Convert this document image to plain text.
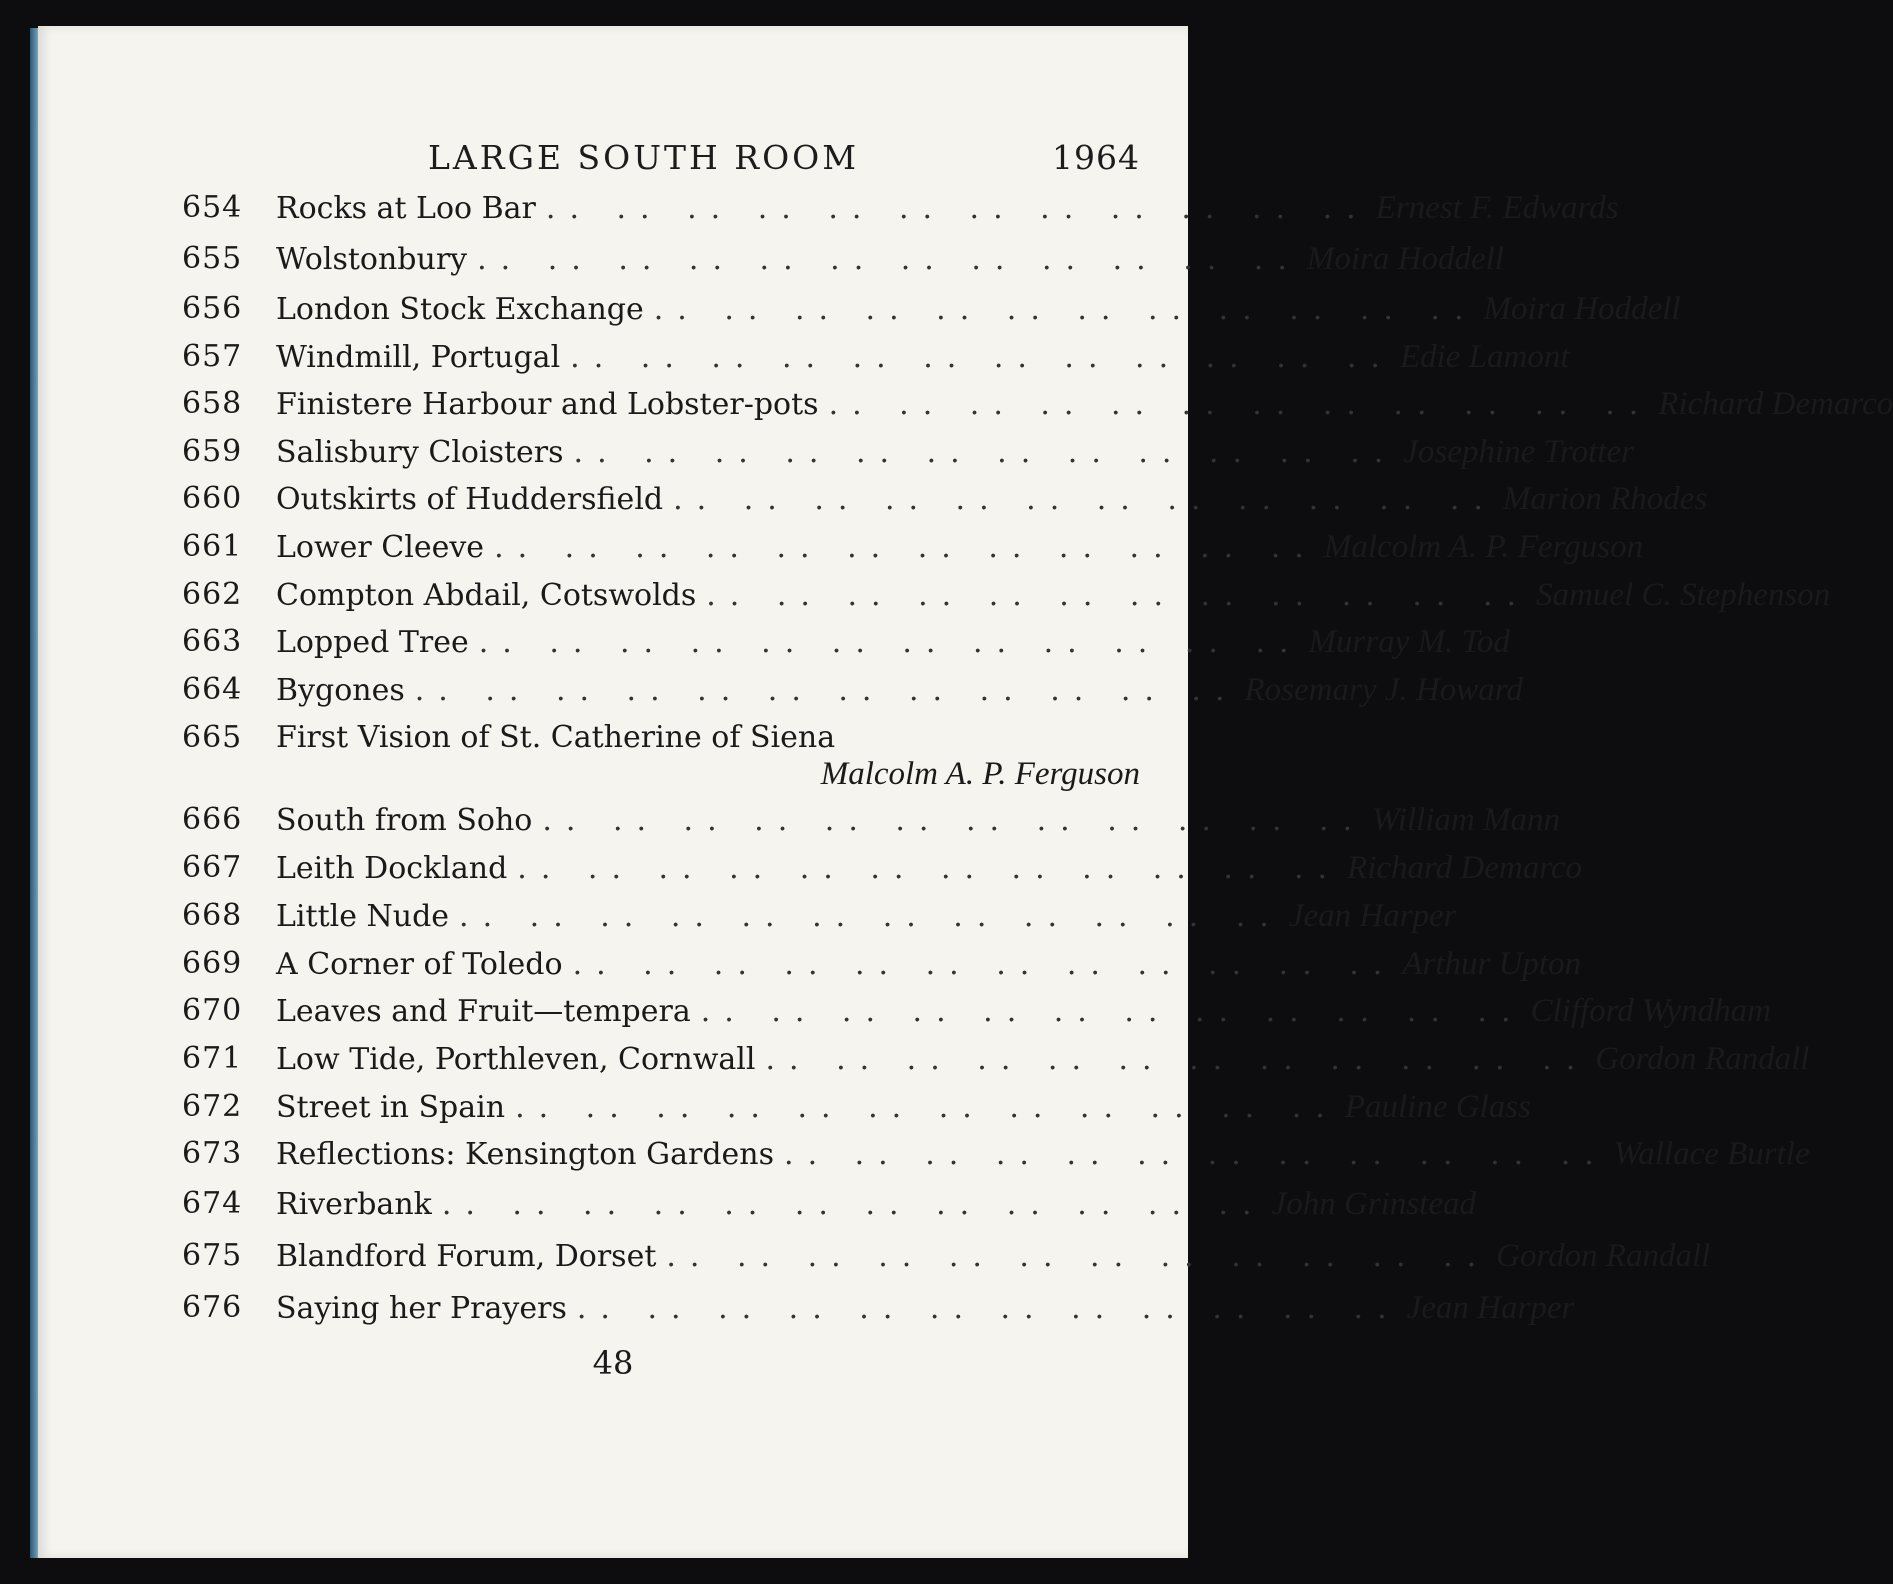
LARGE SOUTH ROOM	1964
654 Rocks at Loo Bar .. .. .. .. .. .. .. .. .. .. .. .. Ernest F. Edwards
655 Wolstonbury .. .. .. .. .. .. .. .. .. .. .. .. Moira Hoddell
656 London Stock Exchange .. .. .. .. .. .. .. .. .. .. .. .. Moira Hoddell
657 Windmill, Portugal .. .. .. .. .. .. .. .. .. .. .. .. Edie Lamont
658 Finistere Harbour and Lobster-pots .. .. .. .. .. .. .. .. .. .. .. .. Richard Demarco
659 Salisbury Cloisters .. .. .. .. .. .. .. .. .. .. .. .. Josephine Trotter
660 Outskirts of Huddersfield .. .. .. .. .. .. .. .. .. .. .. .. Marion Rhodes
661 Lower Cleeve .. .. .. .. .. .. .. .. .. .. .. .. Malcolm A. P. Ferguson
662 Compton Abdail, Cotswolds .. .. .. .. .. .. .. .. .. .. .. .. Samuel C. Stephenson
663 Lopped Tree .. .. .. .. .. .. .. .. .. .. .. .. Murray M. Tod
664 Bygones .. .. .. .. .. .. .. .. .. .. .. .. Rosemary J. Howard
665 First Vision of St. Catherine of Siena
Malcolm A. P. Ferguson
666 South from Soho .. .. .. .. .. .. .. .. .. .. .. .. William Mann
667 Leith Dockland .. .. .. .. .. .. .. .. .. .. .. .. Richard Demarco
668 Little Nude .. .. .. .. .. .. .. .. .. .. .. .. Jean Harper
669 A Corner of Toledo .. .. .. .. .. .. .. .. .. .. .. .. Arthur Upton
670 Leaves and Fruit—tempera .. .. .. .. .. .. .. .. .. .. .. .. Clifford Wyndham
671 Low Tide, Porthleven, Cornwall .. .. .. .. .. .. .. .. .. .. .. .. Gordon Randall
672 Street in Spain .. .. .. .. .. .. .. .. .. .. .. .. Pauline Glass
673 Reflections: Kensington Gardens .. .. .. .. .. .. .. .. .. .. .. .. Wallace Burtle
674 Riverbank .. .. .. .. .. .. .. .. .. .. .. .. John Grinstead
675 Blandford Forum, Dorset .. .. .. .. .. .. .. .. .. .. .. .. Gordon Randall
676 Saying her Prayers .. .. .. .. .. .. .. .. .. .. .. .. Jean Harper
48
